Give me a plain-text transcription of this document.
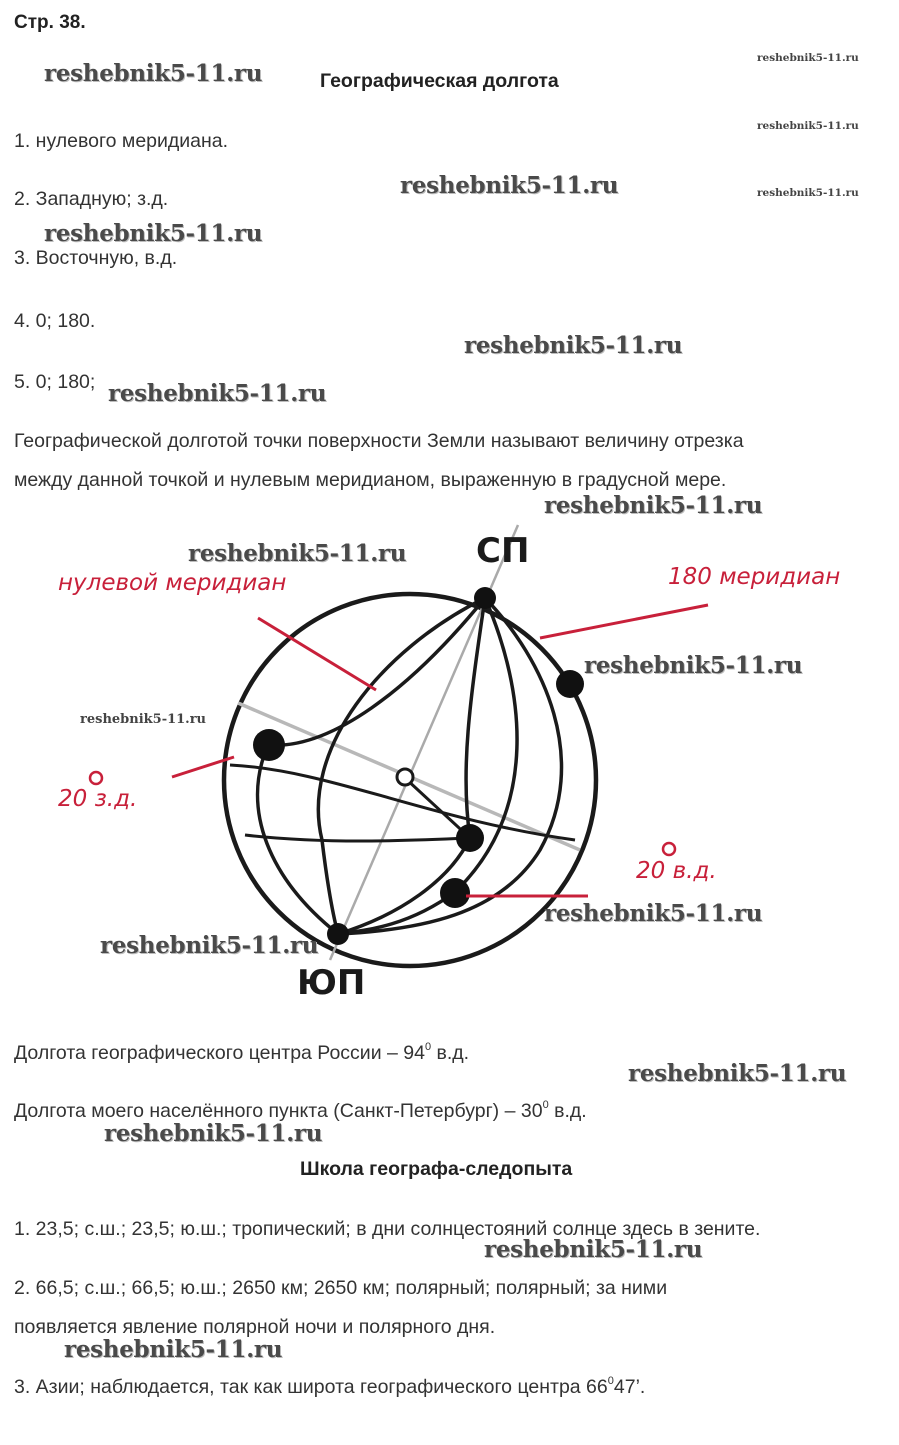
Стр. 38.
Географическая долгота
1. нулевого меридиана.
2. Западную; з.д.
3. Восточную, в.д.
4. 0; 180.
5. 0; 180;
Географической долготой точки поверхности Земли называют величину отрезка
между данной точкой и нулевым меридианом, выраженную в градусной мере.
СП
ЮП
нулевой меридиан	180 меридиан
20 з.д.
20 в.д.
Долгота географического центра России – $94^0$ в.д.
Долгота моего населённого пункта (Санкт-Петербург) – $30^0$ в.д.
Школа географа-следопыта
1. 23,5; с.ш.; 23,5; ю.ш.; тропический; в дни солнцестояний солнце здесь в зените.
2. 66,5; с.ш.; 66,5; ю.ш.; 2650 км; 2650 км; полярный; полярный; за ними
появляется явление полярной ночи и полярного дня.
3. Азии; наблюдается, так как широта географического центра $66^047$’.
reshebnik5-11.ru
reshebnik5-11.ru
reshebnik5-11.ru
reshebnik5-11.ru
reshebnik5-11.ru
reshebnik5-11.ru
reshebnik5-11.ru
reshebnik5-11.ru
reshebnik5-11.ru
reshebnik5-11.ru
reshebnik5-11.ru
reshebnik5-11.ru
reshebnik5-11.ru
reshebnik5-11.ru
reshebnik5-11.ru
reshebnik5-11.ru
reshebnik5-11.ru
reshebnik5-11.ru
